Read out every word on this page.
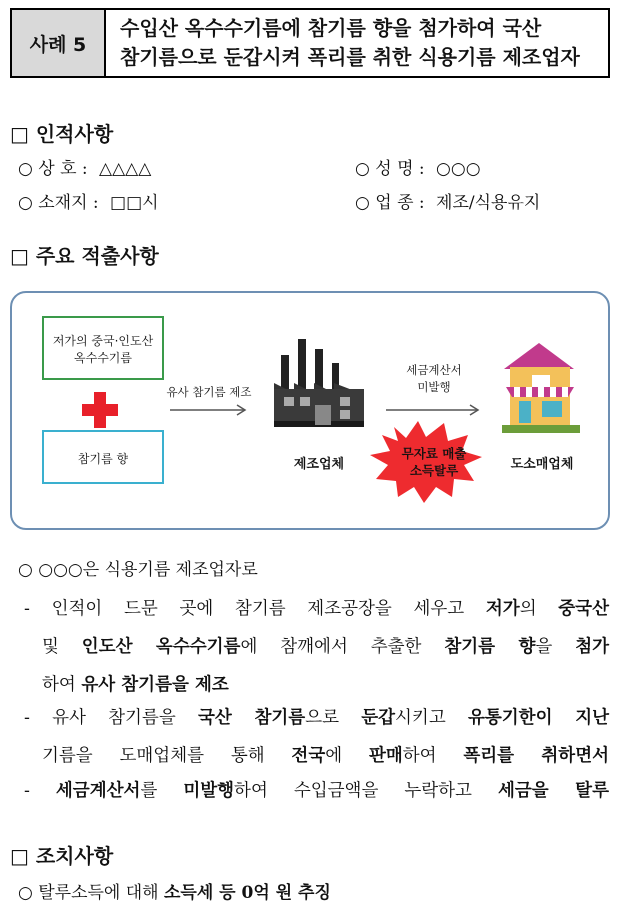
사례 5
수입산 옥수수기름에 참기름 향을 첨가하여 국산
참기름으로 둔갑시켜 폭리를 취한 식용기름 제조업자
□ 인적사항
○ 상 호 : △△△△	○ 성 명 : ○○○
○ 소재지 : □□시	○ 업 종 : 제조/식용유지
□ 주요 적출사항
저가의 중국·인도산
옥수수기름
참기름 향
유사 참기름 제조
제조업체
세금계산서
미발행
무자료 매출
소득탈루	도소매업체
○ ○○○은 식용기름 제조업자로
- 인적이 드문 곳에 참기름 제조공장을 세우고 저가의 중국산
및 인도산 옥수수기름에 참깨에서 추출한 참기름 향을 첨가
하여 유사 참기름을 제조
- 유사 참기름을 국산 참기름으로 둔갑시키고 유통기한이 지난
기름을 도매업체를 통해 전국에 판매하여 폭리를 취하면서
- 세금계산서를 미발행하여 수입금액을 누락하고 세금을 탈루
□ 조치사항
○ 탈루소득에 대해 소득세 등 0억 원 추징
